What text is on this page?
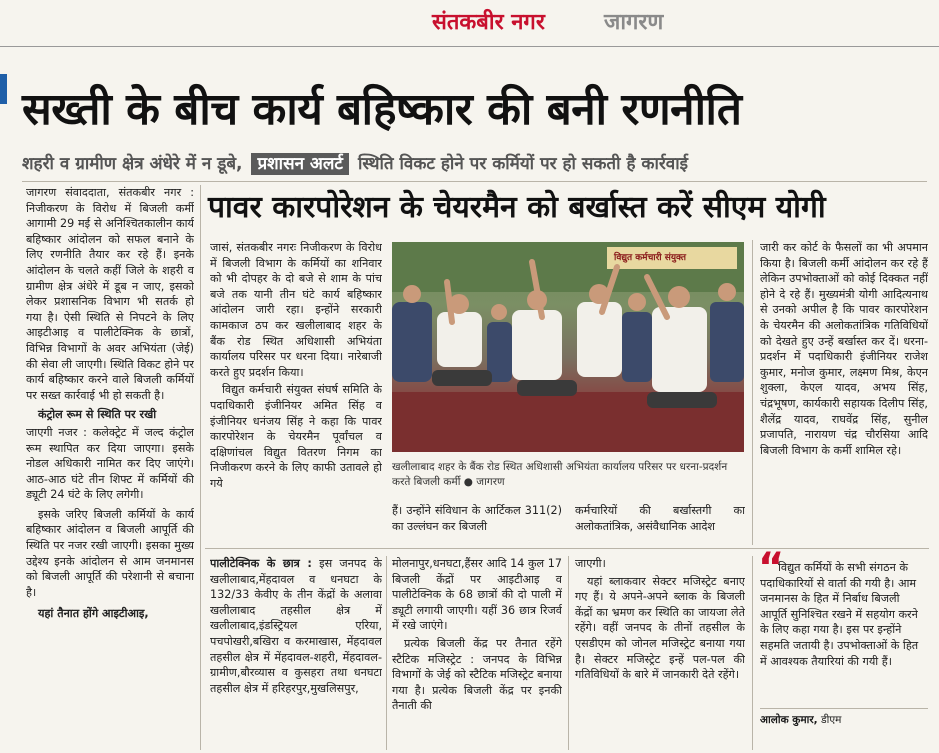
संतकबीर नगर	जागरण
सख्ती के बीच कार्य बहिष्कार की बनी रणनीति
शहरी व ग्रामीण क्षेत्र अंधेरे में न डूबे, प्रशासन अलर्ट स्थिति विकट होने पर कर्मियों पर हो सकती है कार्रवाई

जागरण संवाददाता, संतकबीर नगर : निजीकरण के विरोध में बिजली कर्मी आगामी 29 मई से अनिश्चितकालीन कार्य बहिष्कार आंदोलन को सफल बनाने के लिए रणनीति तैयार कर रहे हैं। इनके आंदोलन के चलते कहीं जिले के शहरी व ग्रामीण क्षेत्र अंधेरे में डूब न जाए, इसको लेकर प्रशासनिक विभाग भी सतर्क हो गया है। ऐसी स्थिति से निपटने के लिए आइटीआइ व पालीटेक्निक के छात्रों, विभिन्न विभागों के अवर अभियंता (जेई) की सेवा ली जाएगी। स्थिति विकट होने पर कार्य बहिष्कार करने वाले बिजली कर्मियों पर सख्त कार्रवाई भी हो सकती है।

कंट्रोल रूम से स्थिति पर रखी

जाएगी नजर : कलेक्ट्रेट में जल्द कंट्रोल रूम स्थापित कर दिया जाएगा। इसके नोडल अधिकारी नामित कर दिए जाएंगे। आठ-आठ घंटे तीन शिफ्ट में कर्मियों की ड्यूटी 24 घंटे के लिए लगेगी।

इसके जरिए बिजली कर्मियों के कार्य बहिष्कार आंदोलन व बिजली आपूर्ति की स्थिति पर नजर रखी जाएगी। इसका मुख्य उद्देश्य इनके आंदोलन से आम जनमानस को बिजली आपूर्ति की परेशानी से बचाना है।

यहां तैनात होंगे आइटीआइ,

पावर कारपोरेशन के चेयरमैन को बर्खास्त करें सीएम योगी

जासं, संतकबीर नगरः निजीकरण के विरोध में बिजली विभाग के कर्मियों का शनिवार को भी दोपहर के दो बजे से शाम के पांच बजे तक यानी तीन घंटे कार्य बहिष्कार आंदोलन जारी रहा। इन्होंने सरकारी कामकाज ठप कर खलीलाबाद शहर के बैंक रोड स्थित अधिशासी अभियंता कार्यालय परिसर पर धरना दिया। नारेबाजी करते हुए प्रदर्शन किया।

विद्युत कर्मचारी संयुक्त संघर्ष समिति के पदाधिकारी इंजीनियर अमित सिंह व इंजीनियर धनंजय सिंह ने कहा कि पावर कारपोरेशन के चेयरमैन पूर्वांचल व दक्षिणांचल विद्युत वितरण निगम का निजीकरण करने के लिए काफी उतावले हो गये

विद्युत कर्मचारी संयुक्त
खलीलाबाद शहर के बैंक रोड स्थित अधिशासी अभियंता कार्यालय परिसर पर धरना-प्रदर्शन करते बिजली कर्मी ● जागरण

हैं। उन्होंने संविधान के आर्टिकल 311(2) का उल्लंघन कर बिजली

कर्मचारियों की बर्खास्तगी का अलोकतांत्रिक, असंवैधानिक आदेश

जारी कर कोर्ट के फैसलों का भी अपमान किया है। बिजली कर्मी आंदोलन कर रहे हैं लेकिन उपभोक्ताओं को कोई दिक्कत नहीं होने दे रहे हैं। मुख्यमंत्री योगी आदित्यनाथ से उनको अपील है कि पावर कारपोरेशन के चेयरमैन की अलोकतांत्रिक गतिविधियों को देखते हुए उन्हें बर्खास्त कर दें। धरना-प्रदर्शन में पदाधिकारी इंजीनियर राजेश कुमार, मनोज कुमार, लक्ष्मण मिश्र, केएन शुक्ला, केएल यादव, अभय सिंह, चंद्रभूषण, कार्यकारी सहायक दिलीप सिंह, शैलेंद्र यादव, राघवेंद्र सिंह, सुनील प्रजापति, नारायण चंद्र चौरसिया आदि बिजली विभाग के कर्मी शामिल रहे।

पालीटेक्निक के छात्र : इस जनपद के खलीलाबाद,मेंहदावल व धनघटा के 132/33 केवीए के तीन केंद्रों के अलावा खलीलाबाद तहसील क्षेत्र में खलीलाबाद,इंडस्ट्रियल एरिया, पचपोखरी,बखिरा व करमाखास, मेंहदावल तहसील क्षेत्र में मेंहदावल-शहरी, मेंहदावल-ग्रामीण,बौरव्यास व कुसहरा तथा धनघटा तहसील क्षेत्र में हरिहरपुर,मुखलिसपुर,

मोलनापुर,धनघटा,हैंसर आदि 14 कुल 17 बिजली केंद्रों पर आइटीआइ व पालीटेक्निक के 68 छात्रों की दो पाली में ड्यूटी लगायी जाएगी। यहीं 36 छात्र रिजर्व में रखे जाएंगे।

प्रत्येक बिजली केंद्र पर तैनात रहेंगे स्टैटिक मजिस्ट्रेट : जनपद के विभिन्न विभागों के जेई को स्टैटिक मजिस्ट्रेट बनाया गया है। प्रत्येक बिजली केंद्र पर इनकी तैनाती की

जाएगी।

यहां ब्लाकवार सेक्टर मजिस्ट्रेट बनाए गए हैं। ये अपने-अपने ब्लाक के बिजली केंद्रों का भ्रमण कर स्थिति का जायजा लेते रहेंगे। वहीं जनपद के तीनों तहसील के एसडीएम को जोनल मजिस्ट्रेट बनाया गया है। सेक्टर मजिस्ट्रेट इन्हें पल-पल की गतिविधियों के बारे में जानकारी देते रहेंगे।

“
विद्युत कर्मियों के सभी संगठन के पदाधिकारियों से वार्ता की गयी है। आम जनमानस के हित में निर्बाध बिजली आपूर्ति सुनिश्चित रखने में सहयोग करने के लिए कहा गया है। इस पर इन्होंने सहमति जतायी है। उपभोक्ताओं के हित में आवश्यक तैयारियां की गयी हैं।
आलोक कुमार, डीएम
